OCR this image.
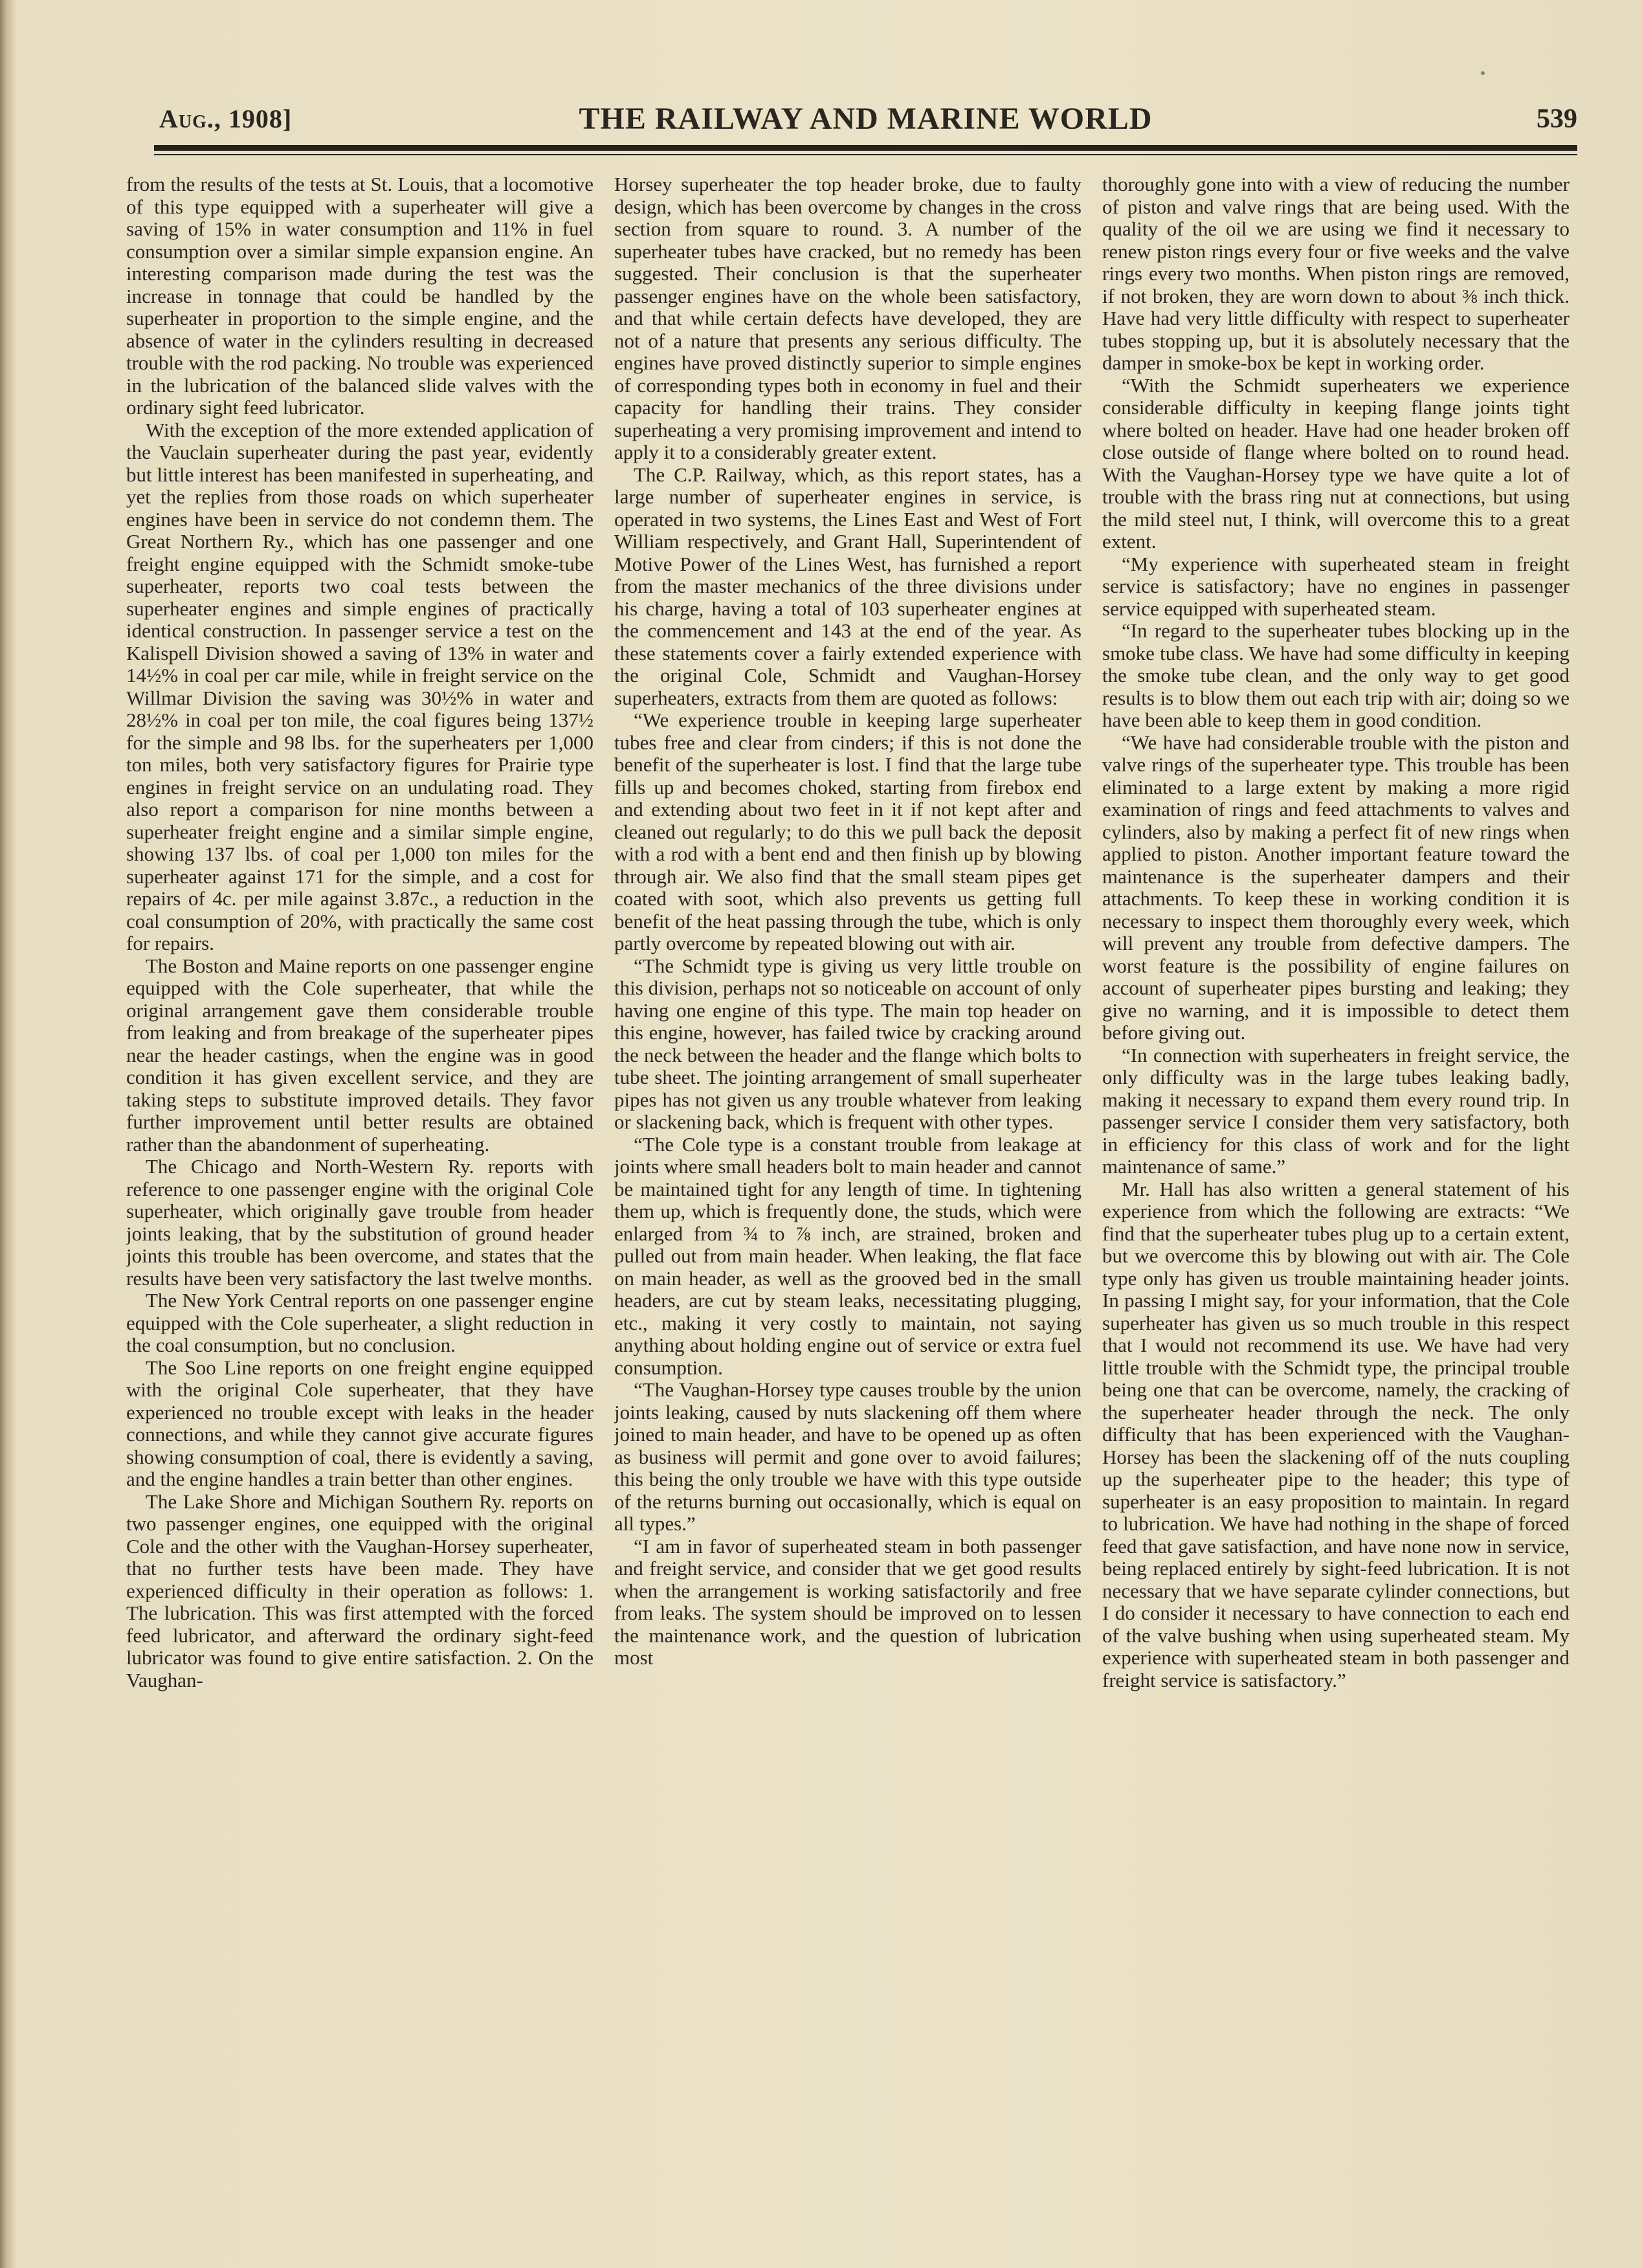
Aug., 1908]	THE RAILWAY AND MARINE WORLD	539

from the results of the tests at St. Louis, that a locomotive of this type equipped with a superheater will give a saving of 15% in water consumption and 11% in fuel consumption over a similar simple expansion engine. An interesting comparison made during the test was the increase in tonnage that could be handled by the superheater in proportion to the simple engine, and the absence of water in the cylinders resulting in decreased trouble with the rod packing. No trouble was experienced in the lubrication of the balanced slide valves with the ordinary sight feed lubricator.

With the exception of the more extended application of the Vauclain superheater during the past year, evidently but little interest has been manifested in superheating, and yet the replies from those roads on which superheater engines have been in service do not condemn them. The Great Northern Ry., which has one passenger and one freight engine equipped with the Schmidt smoke-tube superheater, reports two coal tests between the superheater engines and simple engines of practically identical construction. In passenger service a test on the Kalispell Division showed a saving of 13% in water and 14½% in coal per car mile, while in freight service on the Willmar Division the saving was 30½% in water and 28½% in coal per ton mile, the coal figures being 137½ for the simple and 98 lbs. for the superheaters per 1,000 ton miles, both very satisfactory figures for Prairie type engines in freight service on an undulating road. They also report a comparison for nine months between a superheater freight engine and a similar simple engine, showing 137 lbs. of coal per 1,000 ton miles for the superheater against 171 for the simple, and a cost for repairs of 4c. per mile against 3.87c., a reduction in the coal consumption of 20%, with practically the same cost for repairs.

The Boston and Maine reports on one passenger engine equipped with the Cole superheater, that while the original arrangement gave them considerable trouble from leaking and from breakage of the superheater pipes near the header castings, when the engine was in good condition it has given excellent service, and they are taking steps to substitute improved details. They favor further improvement until better results are obtained rather than the abandonment of superheating.

The Chicago and North-Western Ry. reports with reference to one passenger engine with the original Cole superheater, which originally gave trouble from header joints leaking, that by the substitution of ground header joints this trouble has been overcome, and states that the results have been very satisfactory the last twelve months.

The New York Central reports on one passenger engine equipped with the Cole superheater, a slight reduction in the coal consumption, but no conclusion.

The Soo Line reports on one freight engine equipped with the original Cole superheater, that they have experienced no trouble except with leaks in the header connections, and while they cannot give accurate figures showing consumption of coal, there is evidently a saving, and the engine handles a train better than other engines.

The Lake Shore and Michigan Southern Ry. reports on two passenger engines, one equipped with the original Cole and the other with the Vaughan-Horsey superheater, that no further tests have been made. They have experienced difficulty in their operation as follows: 1. The lubrication. This was first attempted with the forced feed lubricator, and afterward the ordinary sight-feed lubricator was found to give entire satisfaction. 2. On the Vaughan-

Horsey superheater the top header broke, due to faulty design, which has been overcome by changes in the cross section from square to round. 3. A number of the superheater tubes have cracked, but no remedy has been suggested. Their conclusion is that the superheater passenger engines have on the whole been satisfactory, and that while certain defects have developed, they are not of a nature that presents any serious difficulty. The engines have proved distinctly superior to simple engines of corresponding types both in economy in fuel and their capacity for handling their trains. They consider superheating a very promising improvement and intend to apply it to a considerably greater extent.

The C.P. Railway, which, as this report states, has a large number of superheater engines in service, is operated in two systems, the Lines East and West of Fort William respectively, and Grant Hall, Superintendent of Motive Power of the Lines West, has furnished a report from the master mechanics of the three divisions under his charge, having a total of 103 superheater engines at the commencement and 143 at the end of the year. As these statements cover a fairly extended experience with the original Cole, Schmidt and Vaughan-Horsey superheaters, extracts from them are quoted as follows:

“We experience trouble in keeping large superheater tubes free and clear from cinders; if this is not done the benefit of the superheater is lost. I find that the large tube fills up and becomes choked, starting from firebox end and extending about two feet in it if not kept after and cleaned out regularly; to do this we pull back the deposit with a rod with a bent end and then finish up by blowing through air. We also find that the small steam pipes get coated with soot, which also prevents us getting full benefit of the heat passing through the tube, which is only partly overcome by repeated blowing out with air.

“The Schmidt type is giving us very little trouble on this division, perhaps not so noticeable on account of only having one engine of this type. The main top header on this engine, however, has failed twice by cracking around the neck between the header and the flange which bolts to tube sheet. The jointing arrangement of small superheater pipes has not given us any trouble whatever from leaking or slackening back, which is frequent with other types.

“The Cole type is a constant trouble from leakage at joints where small headers bolt to main header and cannot be maintained tight for any length of time. In tightening them up, which is frequently done, the studs, which were enlarged from ¾ to ⅞ inch, are strained, broken and pulled out from main header. When leaking, the flat face on main header, as well as the grooved bed in the small headers, are cut by steam leaks, necessitating plugging, etc., making it very costly to maintain, not saying anything about holding engine out of service or extra fuel consumption.

“The Vaughan-Horsey type causes trouble by the union joints leaking, caused by nuts slackening off them where joined to main header, and have to be opened up as often as business will permit and gone over to avoid failures; this being the only trouble we have with this type outside of the returns burning out occasionally, which is equal on all types.”

“I am in favor of superheated steam in both passenger and freight service, and consider that we get good results when the arrangement is working satisfactorily and free from leaks. The system should be improved on to lessen the maintenance work, and the question of lubrication most

thoroughly gone into with a view of reducing the number of piston and valve rings that are being used. With the quality of the oil we are using we find it necessary to renew piston rings every four or five weeks and the valve rings every two months. When piston rings are removed, if not broken, they are worn down to about ⅜ inch thick. Have had very little difficulty with respect to superheater tubes stopping up, but it is absolutely necessary that the damper in smoke-box be kept in working order.

“With the Schmidt superheaters we experience considerable difficulty in keeping flange joints tight where bolted on header. Have had one header broken off close outside of flange where bolted on to round head. With the Vaughan-Horsey type we have quite a lot of trouble with the brass ring nut at connections, but using the mild steel nut, I think, will overcome this to a great extent.

“My experience with superheated steam in freight service is satisfactory; have no engines in passenger service equipped with superheated steam.

“In regard to the superheater tubes blocking up in the smoke tube class. We have had some difficulty in keeping the smoke tube clean, and the only way to get good results is to blow them out each trip with air; doing so we have been able to keep them in good condition.

“We have had considerable trouble with the piston and valve rings of the superheater type. This trouble has been eliminated to a large extent by making a more rigid examination of rings and feed attachments to valves and cylinders, also by making a perfect fit of new rings when applied to piston. Another important feature toward the maintenance is the superheater dampers and their attachments. To keep these in working condition it is necessary to inspect them thoroughly every week, which will prevent any trouble from defective dampers. The worst feature is the possibility of engine failures on account of superheater pipes bursting and leaking; they give no warning, and it is impossible to detect them before giving out.

“In connection with superheaters in freight service, the only difficulty was in the large tubes leaking badly, making it necessary to expand them every round trip. In passenger service I consider them very satisfactory, both in efficiency for this class of work and for the light maintenance of same.”

Mr. Hall has also written a general statement of his experience from which the following are extracts: “We find that the superheater tubes plug up to a certain extent, but we overcome this by blowing out with air. The Cole type only has given us trouble maintaining header joints. In passing I might say, for your information, that the Cole superheater has given us so much trouble in this respect that I would not recommend its use. We have had very little trouble with the Schmidt type, the principal trouble being one that can be overcome, namely, the cracking of the superheater header through the neck. The only difficulty that has been experienced with the Vaughan-Horsey has been the slackening off of the nuts coupling up the superheater pipe to the header; this type of superheater is an easy proposition to maintain. In regard to lubrication. We have had nothing in the shape of forced feed that gave satisfaction, and have none now in service, being replaced entirely by sight-feed lubrication. It is not necessary that we have separate cylinder connections, but I do consider it necessary to have connection to each end of the valve bushing when using superheated steam. My experience with superheated steam in both passenger and freight service is satisfactory.”
